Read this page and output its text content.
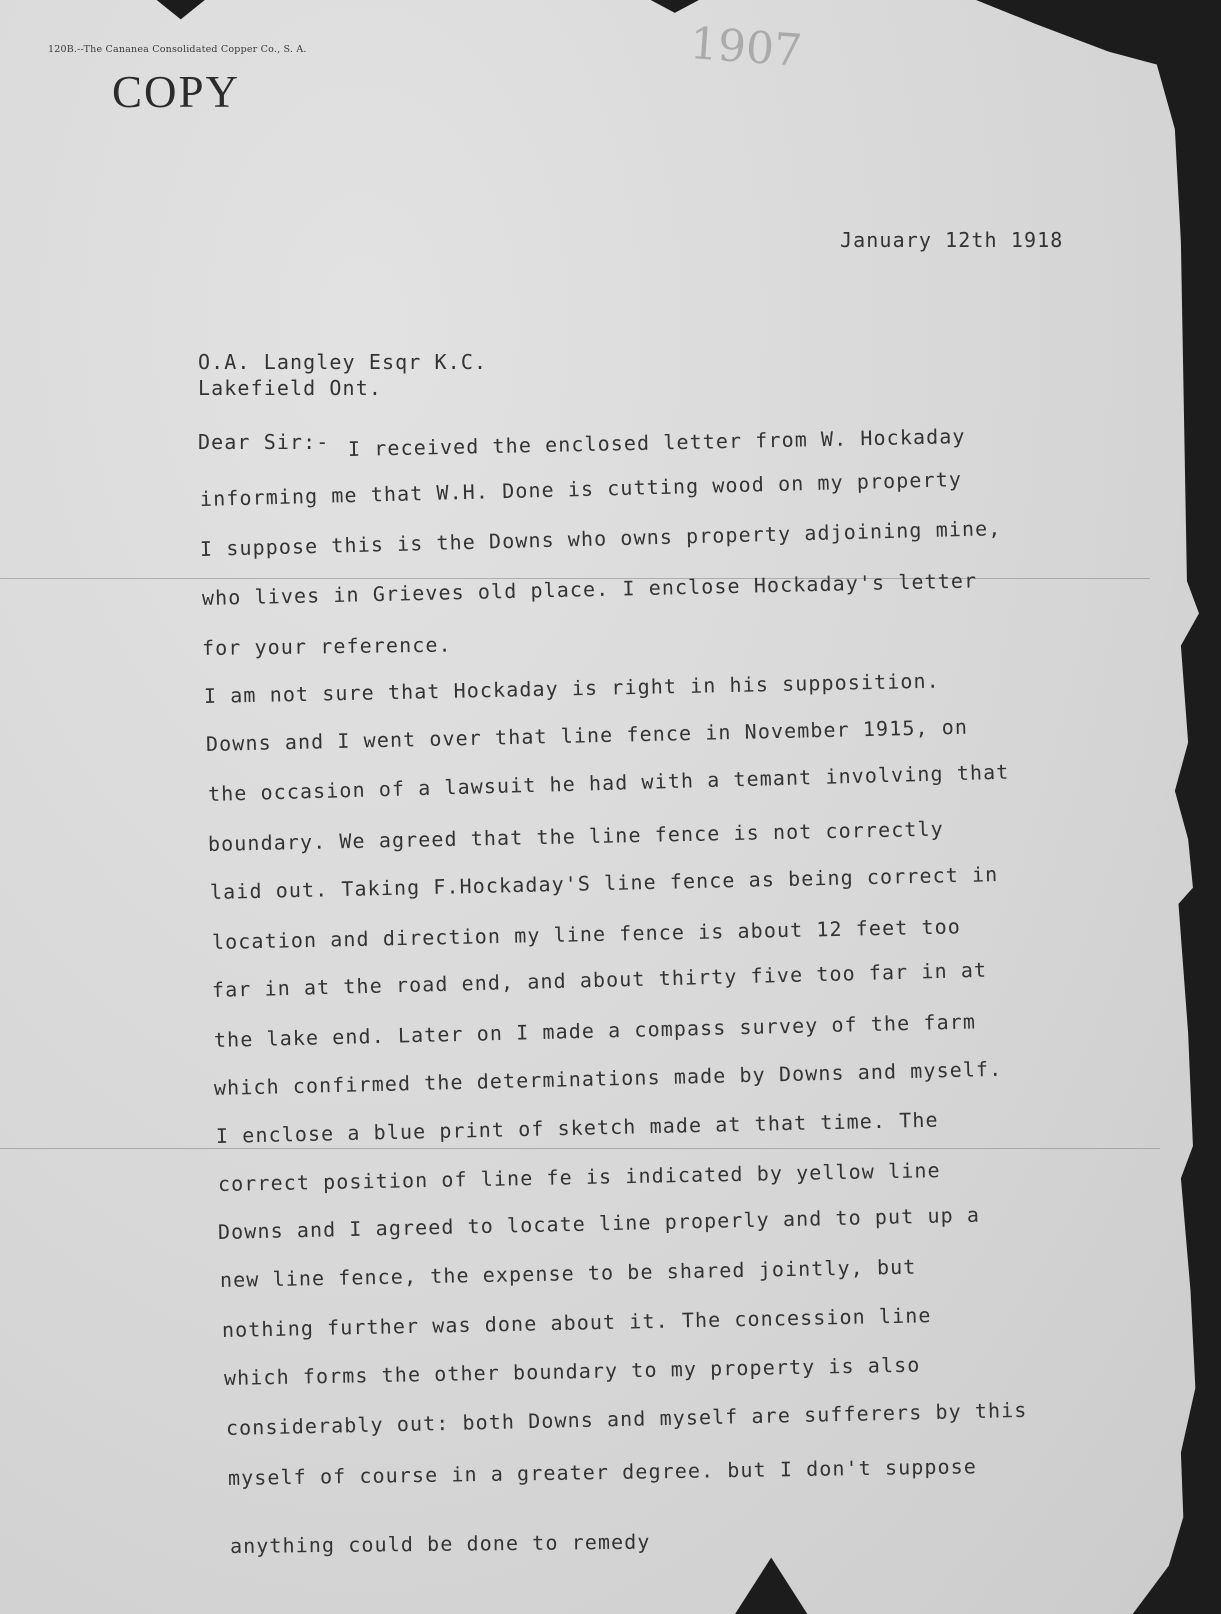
120B.--The Cananea Consolidated Copper Co., S. A.
COPY
1907
January 12th 1918
O.A. Langley Esqr K.C.
Lakefield Ont.
Dear Sir:- I received the enclosed letter from W. Hockaday
informing me that W.H. Done is cutting wood on my property
I suppose this is the Downs who owns property adjoining mine,
who lives in Grieves old place. I enclose Hockaday's letter
for your reference.
I am not sure that Hockaday is right in his supposition.
Downs and I went over that line fence in November 1915, on
the occasion of a lawsuit he had with a temant involving that
boundary. We agreed that the line fence is not correctly
laid out. Taking F.Hockaday'S line fence as being correct in
location and direction my line fence is about 12 feet too
far in at the road end, and about thirty five too far in at
the lake end. Later on I made a compass survey of the farm
which confirmed the determinations made by Downs and myself.
I enclose a blue print of sketch made at that time. The
correct position of line fe is indicated by yellow line
Downs and I agreed to locate line properly and to put up a
new line fence, the expense to be shared jointly, but
nothing further was done about it. The concession line
which forms the other boundary to my property is also
considerably out: both Downs and myself are sufferers by this
myself of course in a greater degree. but I don't suppose
anything could be done to remedy
